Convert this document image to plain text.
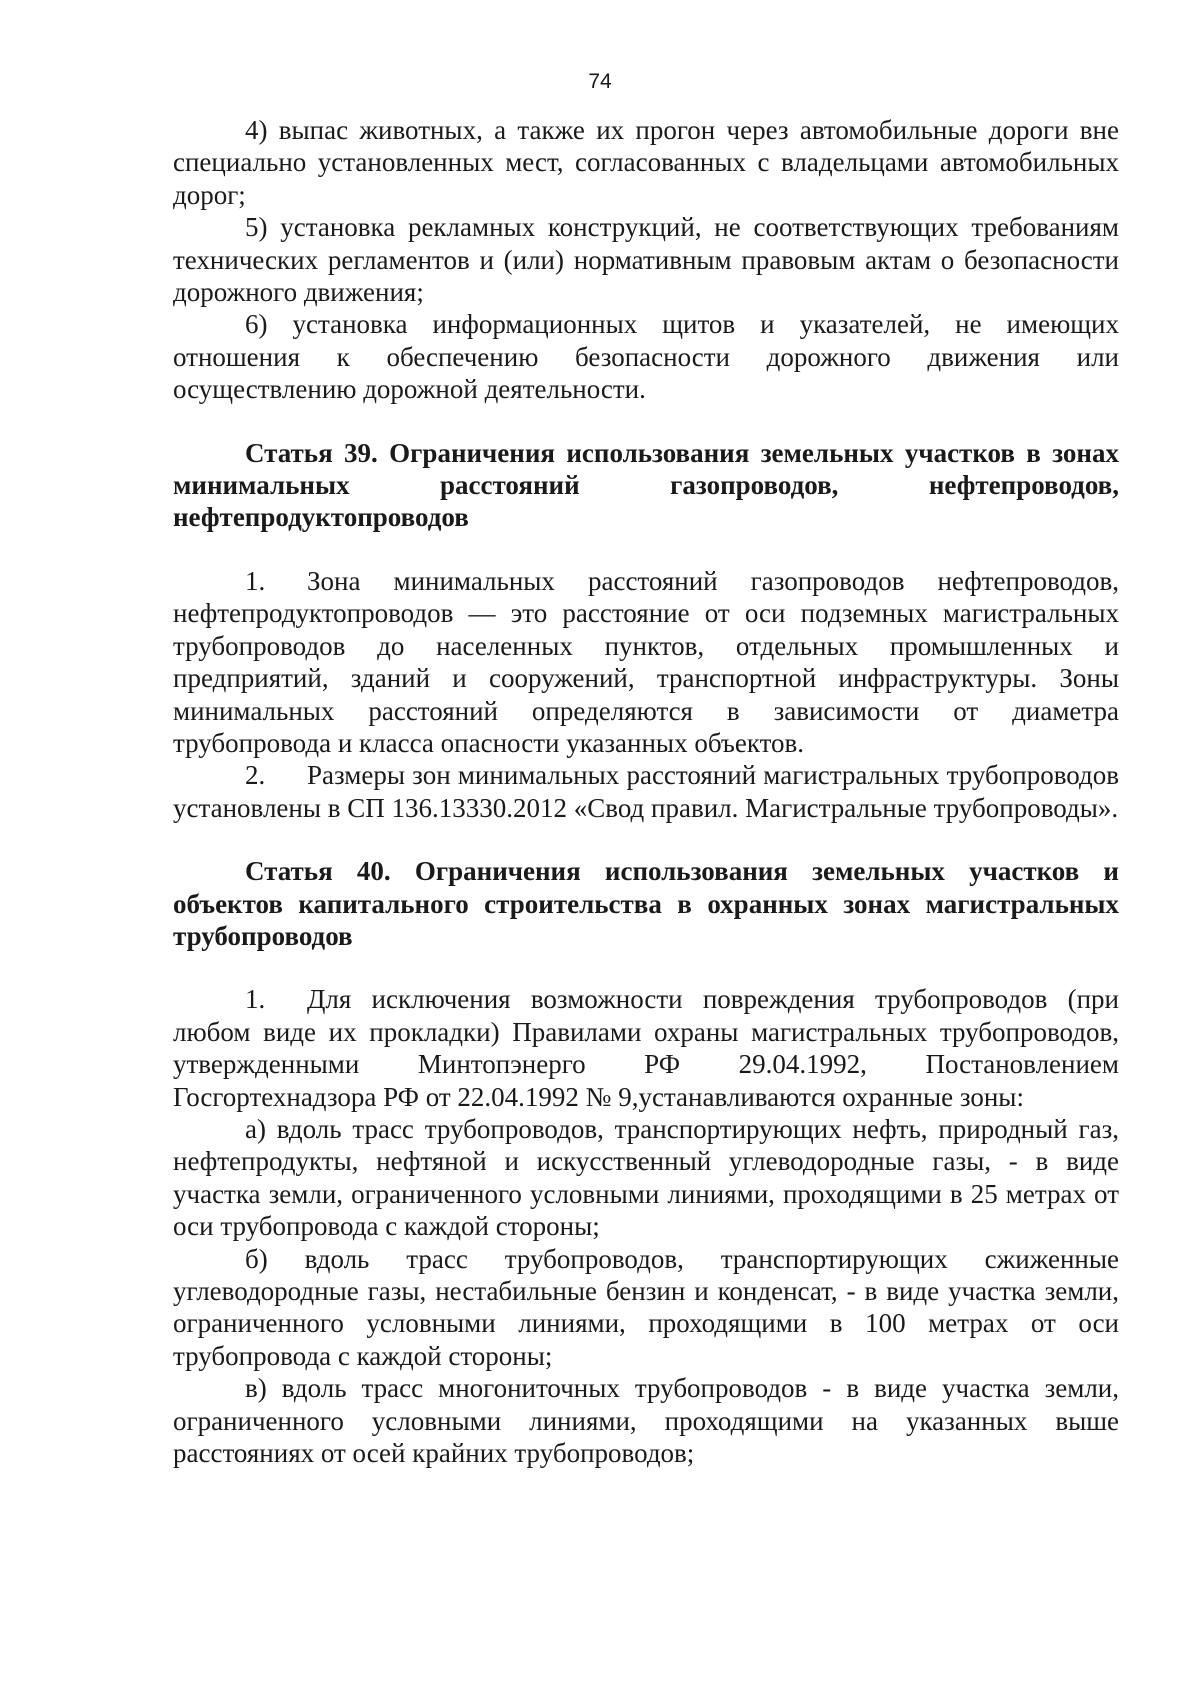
74

4) выпас животных, а также их прогон через автомобильные дороги вне специально установленных мест, согласованных с владельцами автомобильных дорог;

5) установка рекламных конструкций, не соответствующих требованиям технических регламентов и (или) нормативным правовым актам о безопасности дорожного движения;

6) установка информационных щитов и указателей, не имеющих отношения к обеспечению безопасности дорожного движения или осуществлению дорожной деятельности.

Статья 39. Ограничения использования земельных участков в зонах минимальных расстояний газопроводов, нефтепроводов, нефтепродуктопроводов

1. Зона минимальных расстояний газопроводов нефтепроводов, нефтепродуктопроводов — это расстояние от оси подземных магистральных трубопроводов до населенных пунктов, отдельных промышленных и предприятий, зданий и сооружений, транспортной инфраструктуры. Зоны минимальных расстояний определяются в зависимости от диаметра трубопровода и класса опасности указанных объектов.

2. Размеры зон минимальных расстояний магистральных трубопроводов установлены в СП 136.13330.2012 «Свод правил. Магистральные трубопроводы».

Статья 40. Ограничения использования земельных участков и объектов капитального строительства в охранных зонах магистральных трубопроводов

1. Для исключения возможности повреждения трубопроводов (при любом виде их прокладки) Правилами охраны магистральных трубопроводов, утвержденными Минтопэнерго РФ 29.04.1992, Постановлением Госгортехнадзора РФ от 22.04.1992 № 9,устанавливаются охранные зоны:

а) вдоль трасс трубопроводов, транспортирующих нефть, природный газ, нефтепродукты, нефтяной и искусственный углеводородные газы, - в виде участка земли, ограниченного условными линиями, проходящими в 25 метрах от оси трубопровода с каждой стороны;

б) вдоль трасс трубопроводов, транспортирующих сжиженные углеводородные газы, нестабильные бензин и конденсат, - в виде участка земли, ограниченного условными линиями, проходящими в 100 метрах от оси трубопровода с каждой стороны;

в) вдоль трасс многониточных трубопроводов - в виде участка земли, ограниченного условными линиями, проходящими на указанных выше расстояниях от осей крайних трубопроводов;
